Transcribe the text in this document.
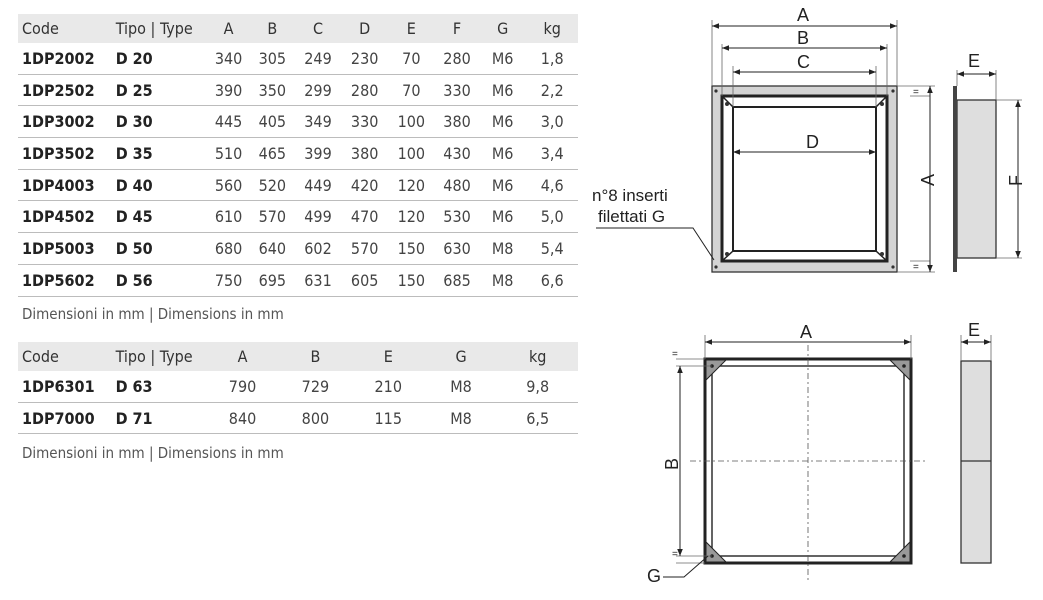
Code	Tipo | Type	A	B	C	D	E	F	G	kg
1DP2002	D 20	340	305	249	230	70	280	M6	1,8
1DP2502	D 25	390	350	299	280	70	330	M6	2,2
1DP3002	D 30	445	405	349	330	100	380	M6	3,0
1DP3502	D 35	510	465	399	380	100	430	M6	3,4
1DP4003	D 40	560	520	449	420	120	480	M6	4,6
1DP4502	D 45	610	570	499	470	120	530	M6	5,0
1DP5003	D 50	680	640	602	570	150	630	M8	5,4
1DP5602	D 56	750	695	631	605	150	685	M8	6,6
Dimensioni in mm | Dimensions in mm
Code	Tipo | Type	A	B	E	G	kg
1DP6301	D 63	790	729	210	M8	9,8
1DP7000	D 71	840	800	115	M8	6,5
Dimensioni in mm | Dimensions in mm
=
=
A
B
C
D
A
n°8 inserti
filettati G
E
F
=
=
A
B
G
E
